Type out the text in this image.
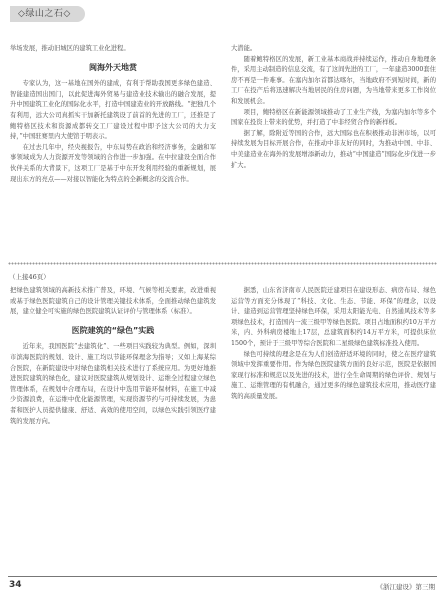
◇绿山之石◇

举场发展，推动旧城区的建筑工业化进程。

闽海外天地赏

专家认为，这一基地在国外的建成，有利于帮助我国更多绿色建造、智能建造国出国门，以此促进海外贸易与建造业技术输出的融合发展，提升中国建筑工业化的国际化水平，打造中国建造业的开放路线。“把独几个有利用，远大公司真抓实干加新托建筑设了前首的先进的工厂，还推是了鲍特格区技术和资源成都转交工厂建设过程中即予这大公司的大力支持，”中国驻赛里内大使馆于明表示。

在过去几年中，经央视报告，中东局势在政治和经济事务，金融和军事领域成为人力资源开发等领域的合作进一步加强。在中拉建设全面合作伙伴关系的大背景下，这项工厂是基于中东开发利用经验的重新规划，展现出东方的亮点——对接以智能化为特点的全新概念的交流合作。

大潜能。

随着鲍特格区的发展，新工业基本商战并持续运作，推动自身地理条件，采用主动制造的信息交流，有了这间先进的工厂，一年建造3000套住房不再是一件难事。在塞内加尔首都达喀尔，当地政府不到短时间，新的工厂在投产后将迅速解决当地居民的住房问题，为当地带来更多工作岗位和发展机会。

项目，鲍特格区在新能源领域推动了工业生产线，为塞内加尔等多个国家在投资上带来的优势，并打造了中非经贸合作的新样板。

据了解，除附近等国的合作，远大国际也在积极推动非洲市场，以可持续发展为目标开展合作，在推动中非友好的同时，为推动中国、中非、中美建造业在海外的发展增添新动力，推动“中国建造”国际化步伐进一步扩大。

（上接46页）

把绿色建筑领域的高新技术推广普及，环境、气候等相关要素，改进重视或基于绿色医院建筑自己的设计管理关键技术体系，全面推动绿色建筑发展，建立健全可实施的绿色医院建筑认证评价与管理体系（标准）。

医院建筑的“绿色”实践

近年来，我国医院“去建筑化”、一些项目实践较为典型。例如，深圳市滨海医院的规划、设计、施工均以节能环保理念为指导；又如上海某综合医院，在新院建设中对绿色建筑相关技术进行了系统应用。为更好地推进医院建筑的绿色化，建议对医院建筑从规划设计、运维全过程建立绿色管理体系，在规划中合理布局，在设计中选用节能环保材料，在施工中减少资源浪费，在运维中优化能源管理，实现资源节约与可持续发展，为患者和医护人员提供健康、舒适、高效的使用空间，以绿色实践引领医疗建筑的发展方向。

据悉，山东省济南市人民医院迁建项目在建设形态、病房布局、绿色运营等方面充分体现了“科技、文化、生态、节能、环保”的理念，以设计、建造到运营管理坚持绿色环保，采用太阳能光电、自然通风技术等多项绿色技术，打造国内一流三级甲等绿色医院。项目占地面积约10万平方米，内、外科病房楼地上17层，总建筑面积约14万平方米，可提供床位1500个，预计于三级甲等综合医院和二星级绿色建筑标准投入使用。

绿色可持续的理念是在为人们创造舒适环境的同时，使之在医疗建筑领域中发挥重要作用。作为绿色医院建筑方面的良好示范，医院是依据国家现行标准和规范以及先进的技术，进行全生命周期的绿色评价、规划与施工、运维管理的有机融合，通过更多的绿色建筑技术应用，推动医疗建筑的高质量发展。

34	《浙江建设》第三期
